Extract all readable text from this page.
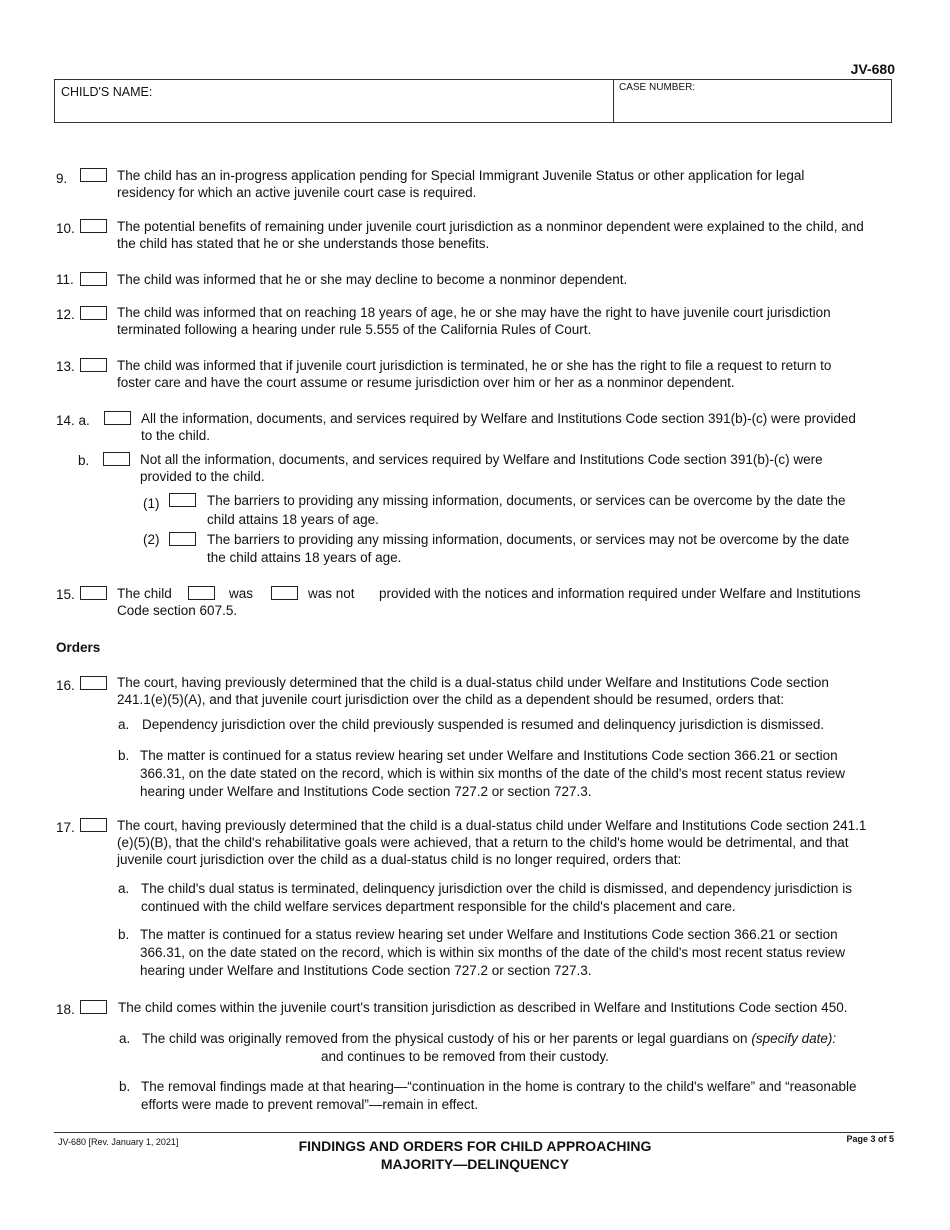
JV-680
CHILD'S NAME:	CASE NUMBER:
9.	The child has an in-progress application pending for Special Immigrant Juvenile Status or other application for legal
residency for which an active juvenile court case is required.
10.	The potential benefits of remaining under juvenile court jurisdiction as a nonminor dependent were explained to the child, and
the child has stated that he or she understands those benefits.
11.	The child was informed that he or she may decline to become a nonminor dependent.
12.	The child was informed that on reaching 18 years of age, he or she may have the right to have juvenile court jurisdiction
terminated following a hearing under rule 5.555 of the California Rules of Court.
13.	The child was informed that if juvenile court jurisdiction is terminated, he or she has the right to file a request to return to
foster care and have the court assume or resume jurisdiction over him or her as a nonminor dependent.
14. a.	All the information, documents, and services required by Welfare and Institutions Code section 391(b)-(c) were provided
to the child.
b.	Not all the information, documents, and services required by Welfare and Institutions Code section 391(b)-(c) were
provided to the child.
(1)	The barriers to providing any missing information, documents, or services can be overcome by the date the
child attains 18 years of age.
(2)	The barriers to providing any missing information, documents, or services may not be overcome by the date
the child attains 18 years of age.
15.	The child	was	was not provided with the notices and information required under Welfare and Institutions
Code section 607.5.
Orders
16.	The court, having previously determined that the child is a dual-status child under Welfare and Institutions Code section
241.1(e)(5)(A), and that juvenile court jurisdiction over the child as a dependent should be resumed, orders that:
a. Dependency jurisdiction over the child previously suspended is resumed and delinquency jurisdiction is dismissed.
b. The matter is continued for a status review hearing set under Welfare and Institutions Code section 366.21 or section
366.31, on the date stated on the record, which is within six months of the date of the child's most recent status review
hearing under Welfare and Institutions Code section 727.2 or section 727.3.
17.	The court, having previously determined that the child is a dual-status child under Welfare and Institutions Code section 241.1
(e)(5)(B), that the child's rehabilitative goals were achieved, that a return to the child's home would be detrimental, and that
juvenile court jurisdiction over the child as a dual-status child is no longer required, orders that:
a. The child's dual status is terminated, delinquency jurisdiction over the child is dismissed, and dependency jurisdiction is
continued with the child welfare services department responsible for the child's placement and care.
b. The matter is continued for a status review hearing set under Welfare and Institutions Code section 366.21 or section
366.31, on the date stated on the record, which is within six months of the date of the child's most recent status review
hearing under Welfare and Institutions Code section 727.2 or section 727.3.
18.	The child comes within the juvenile court's transition jurisdiction as described in Welfare and Institutions Code section 450.
a. The child was originally removed from the physical custody of his or her parents or legal guardians on (specify date):
and continues to be removed from their custody.
b. The removal findings made at that hearing—“continuation in the home is contrary to the child's welfare” and “reasonable
efforts were made to prevent removal”—remain in effect.
JV-680 [Rev. January 1, 2021]	FINDINGS AND ORDERS FOR CHILD APPROACHING
MAJORITY—DELINQUENCY
Page 3 of 5
